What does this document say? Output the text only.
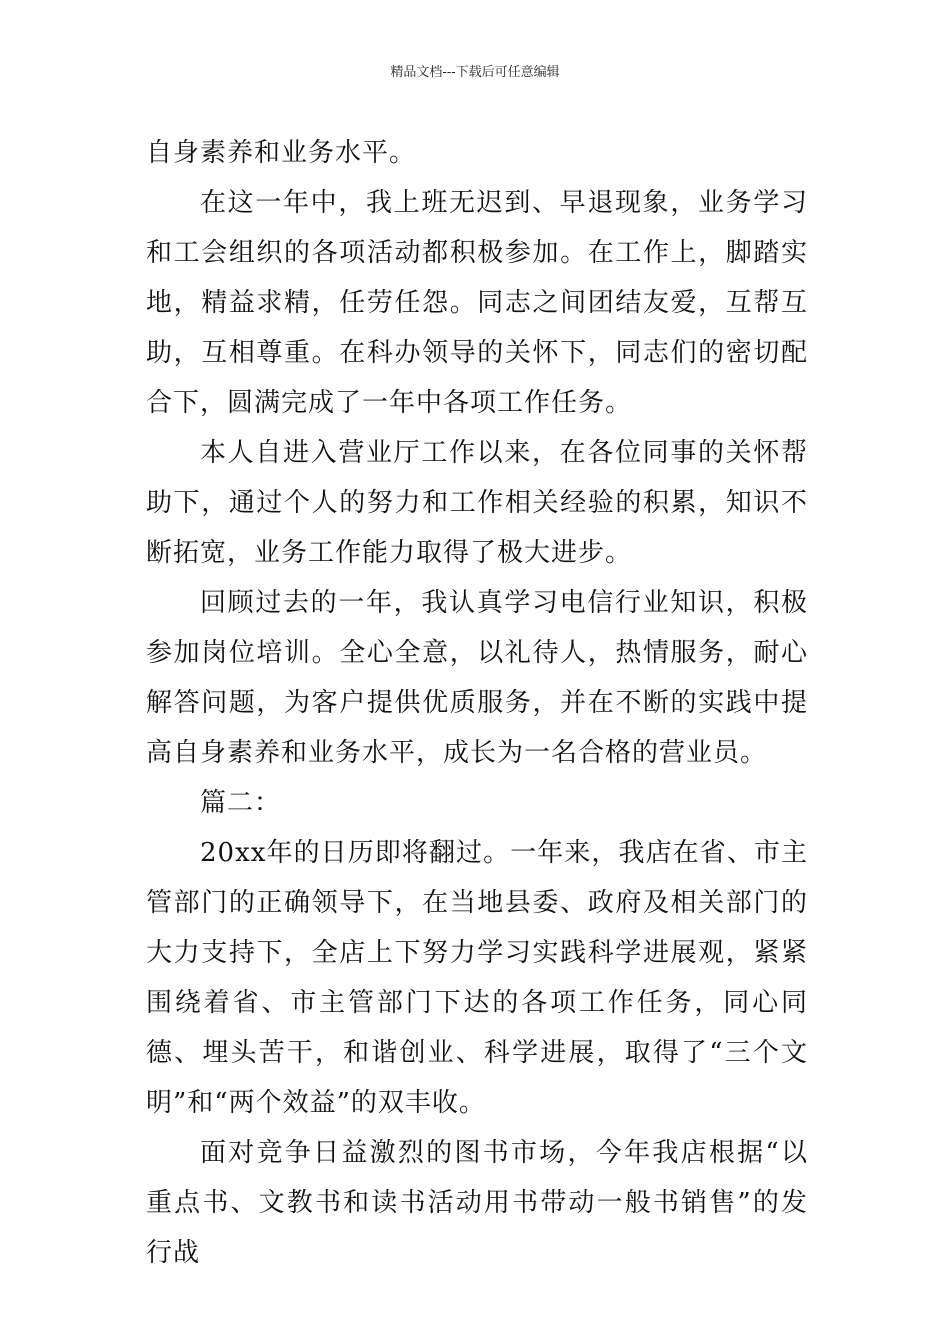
精品文档---下载后可任意编辑

自身素养和业务水平。

在这一年中，我上班无迟到、早退现象，业务学习和工会组织的各项活动都积极参加。在工作上，脚踏实地，精益求精，任劳任怨。同志之间团结友爱，互帮互助，互相尊重。在科办领导的关怀下，同志们的密切配合下，圆满完成了一年中各项工作任务。

本人自进入营业厅工作以来，在各位同事的关怀帮助下，通过个人的努力和工作相关经验的积累，知识不断拓宽，业务工作能力取得了极大进步。

回顾过去的一年，我认真学习电信行业知识，积极参加岗位培训。全心全意，以礼待人，热情服务，耐心解答问题，为客户提供优质服务，并在不断的实践中提高自身素养和业务水平，成长为一名合格的营业员。

篇二：

20xx年的日历即将翻过。一年来，我店在省、市主管部门的正确领导下，在当地县委、政府及相关部门的大力支持下，全店上下努力学习实践科学进展观，紧紧围绕着省、市主管部门下达的各项工作任务，同心同德、埋头苦干，和谐创业、科学进展，取得了“三个文明”和“两个效益”的双丰收。

面对竞争日益激烈的图书市场，今年我店根据“以重点书、文教书和读书活动用书带动一般书销售”的发行战
